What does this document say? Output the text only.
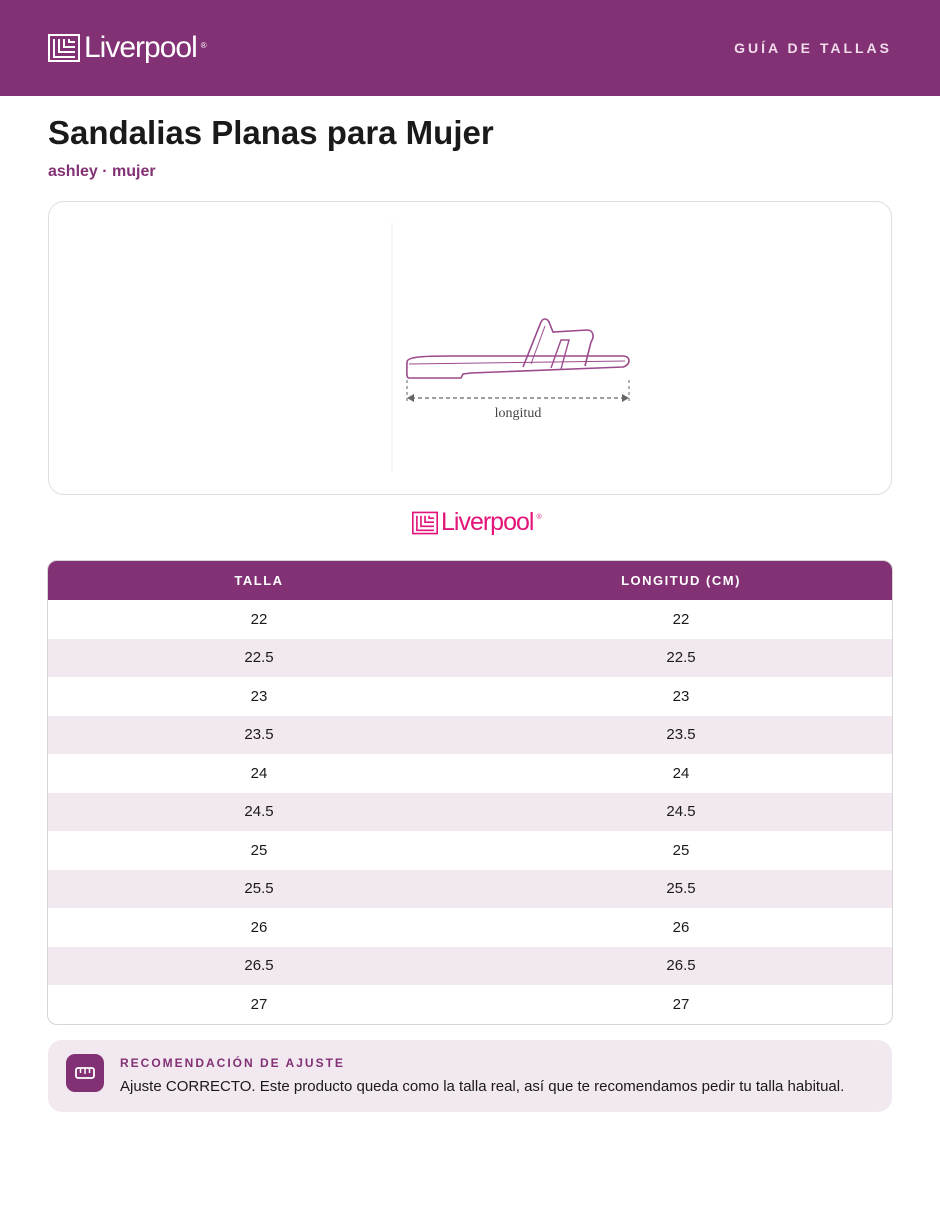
Liverpool ®	GUÍA DE TALLAS
Sandalias Planas para Mujer
ashley · mujer
longitud
Liverpool ®
TALLA	LONGITUD (CM)
22	22
22.5	22.5
23	23
23.5	23.5
24	24
24.5	24.5
25	25
25.5	25.5
26	26
26.5	26.5
27	27
RECOMENDACIÓN DE AJUSTE
Ajuste CORRECTO. Este producto queda como la talla real, así que te recomendamos pedir tu talla habitual.
